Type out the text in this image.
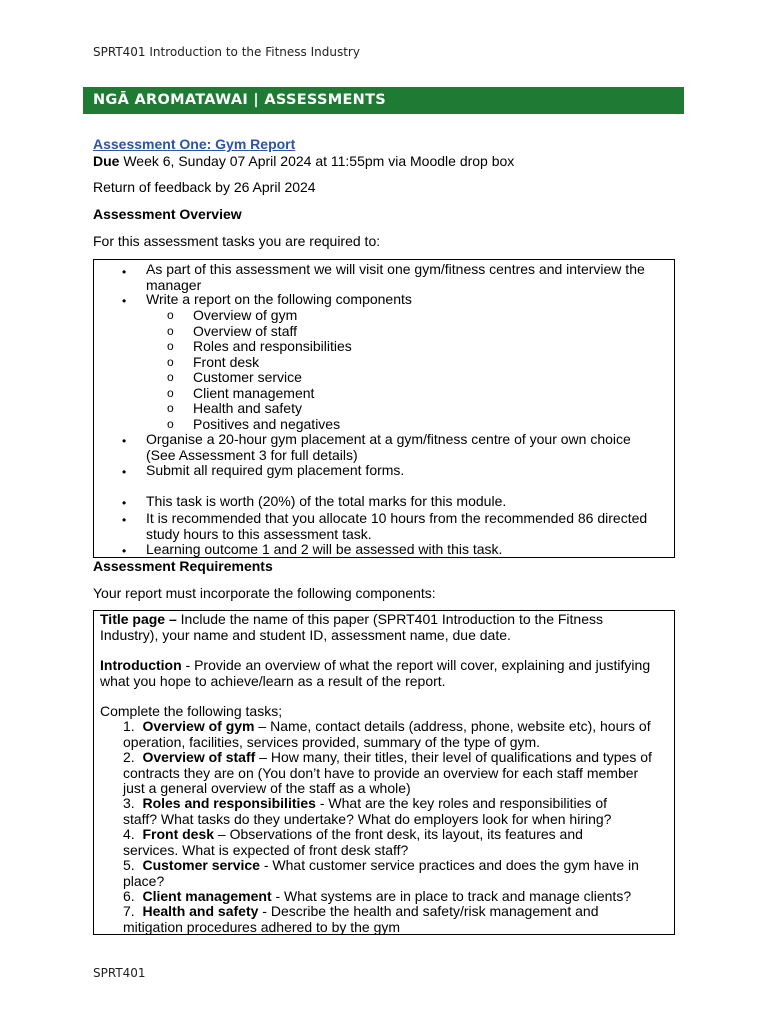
SPRT401 Introduction to the Fitness Industry
NGĀ AROMATAWAI | ASSESSMENTS
Assessment One: Gym Report
Due Week 6, Sunday 07 April 2024 at 11:55pm via Moodle drop box
Return of feedback by 26 April 2024
Assessment Overview
For this assessment tasks you are required to:
• As part of this assessment we will visit one gym/fitness centres and interview the
manager
• Write a report on the following components
o Overview of gym
o Overview of staff
o Roles and responsibilities
o Front desk
o Customer service
o Client management
o Health and safety
o Positives and negatives
• Organise a 20-hour gym placement at a gym/fitness centre of your own choice
(See Assessment 3 for full details)
• Submit all required gym placement forms.
• This task is worth (20%) of the total marks for this module.
• It is recommended that you allocate 10 hours from the recommended 86 directed
study hours to this assessment task.
• Learning outcome 1 and 2 will be assessed with this task.
Assessment Requirements
Your report must incorporate the following components:
Title page – Include the name of this paper (SPRT401 Introduction to the Fitness
Industry), your name and student ID, assessment name, due date.
Introduction - Provide an overview of what the report will cover, explaining and justifying
what you hope to achieve/learn as a result of the report.
Complete the following tasks;
1. Overview of gym – Name, contact details (address, phone, website etc), hours of
operation, facilities, services provided, summary of the type of gym.
2. Overview of staff – How many, their titles, their level of qualifications and types of
contracts they are on (You don’t have to provide an overview for each staff member
just a general overview of the staff as a whole)
3. Roles and responsibilities - What are the key roles and responsibilities of
staff? What tasks do they undertake? What do employers look for when hiring?
4. Front desk – Observations of the front desk, its layout, its features and
services. What is expected of front desk staff?
5. Customer service - What customer service practices and does the gym have in
place?
6. Client management - What systems are in place to track and manage clients?
7. Health and safety - Describe the health and safety/risk management and
mitigation procedures adhered to by the gym
SPRT401
